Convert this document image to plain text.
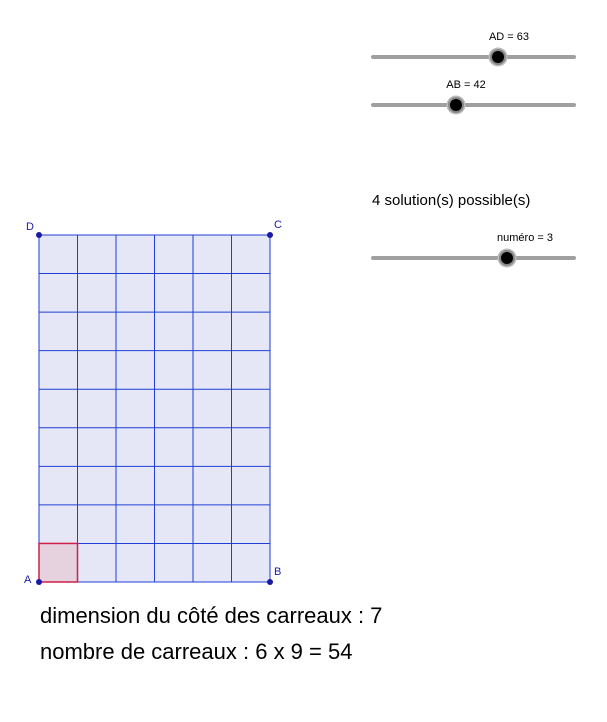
AD = 63
AB = 42
4 solution(s) possible(s)
numéro = 3
A
B
C
D
dimension du côté des carreaux : 7
nombre de carreaux : 6 x 9 = 54
